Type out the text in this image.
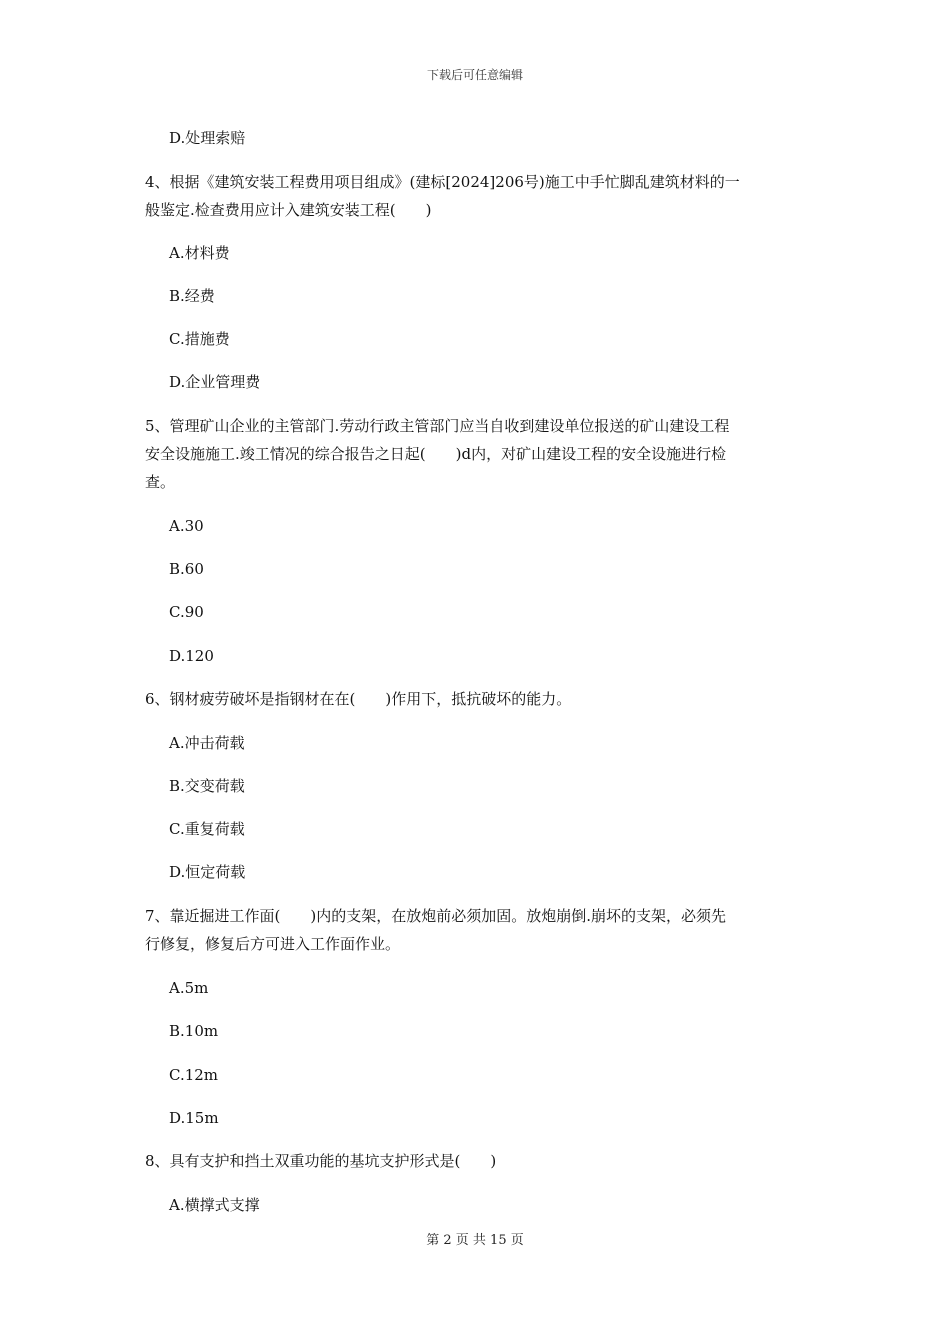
下载后可任意编辑
D.处理索赔
4、根据《建筑安装工程费用项目组成》(建标[2024]206号)施工中手忙脚乱建筑材料的一
般鉴定.检查费用应计入建筑安装工程(　　)
A.材料费
B.经费
C.措施费
D.企业管理费
5、管理矿山企业的主管部门.劳动行政主管部门应当自收到建设单位报送的矿山建设工程
安全设施施工.竣工情况的综合报告之日起(　　)d内，对矿山建设工程的安全设施进行检
查。
A.30
B.60
C.90
D.120
6、钢材疲劳破坏是指钢材在在(　　)作用下，抵抗破坏的能力。
A.冲击荷载
B.交变荷载
C.重复荷载
D.恒定荷载
7、靠近掘进工作面(　　)内的支架，在放炮前必须加固。放炮崩倒.崩坏的支架，必须先
行修复，修复后方可进入工作面作业。
A.5m
B.10m
C.12m
D.15m
8、具有支护和挡土双重功能的基坑支护形式是(　　)
A.横撑式支撑
第 2 页 共 15 页
